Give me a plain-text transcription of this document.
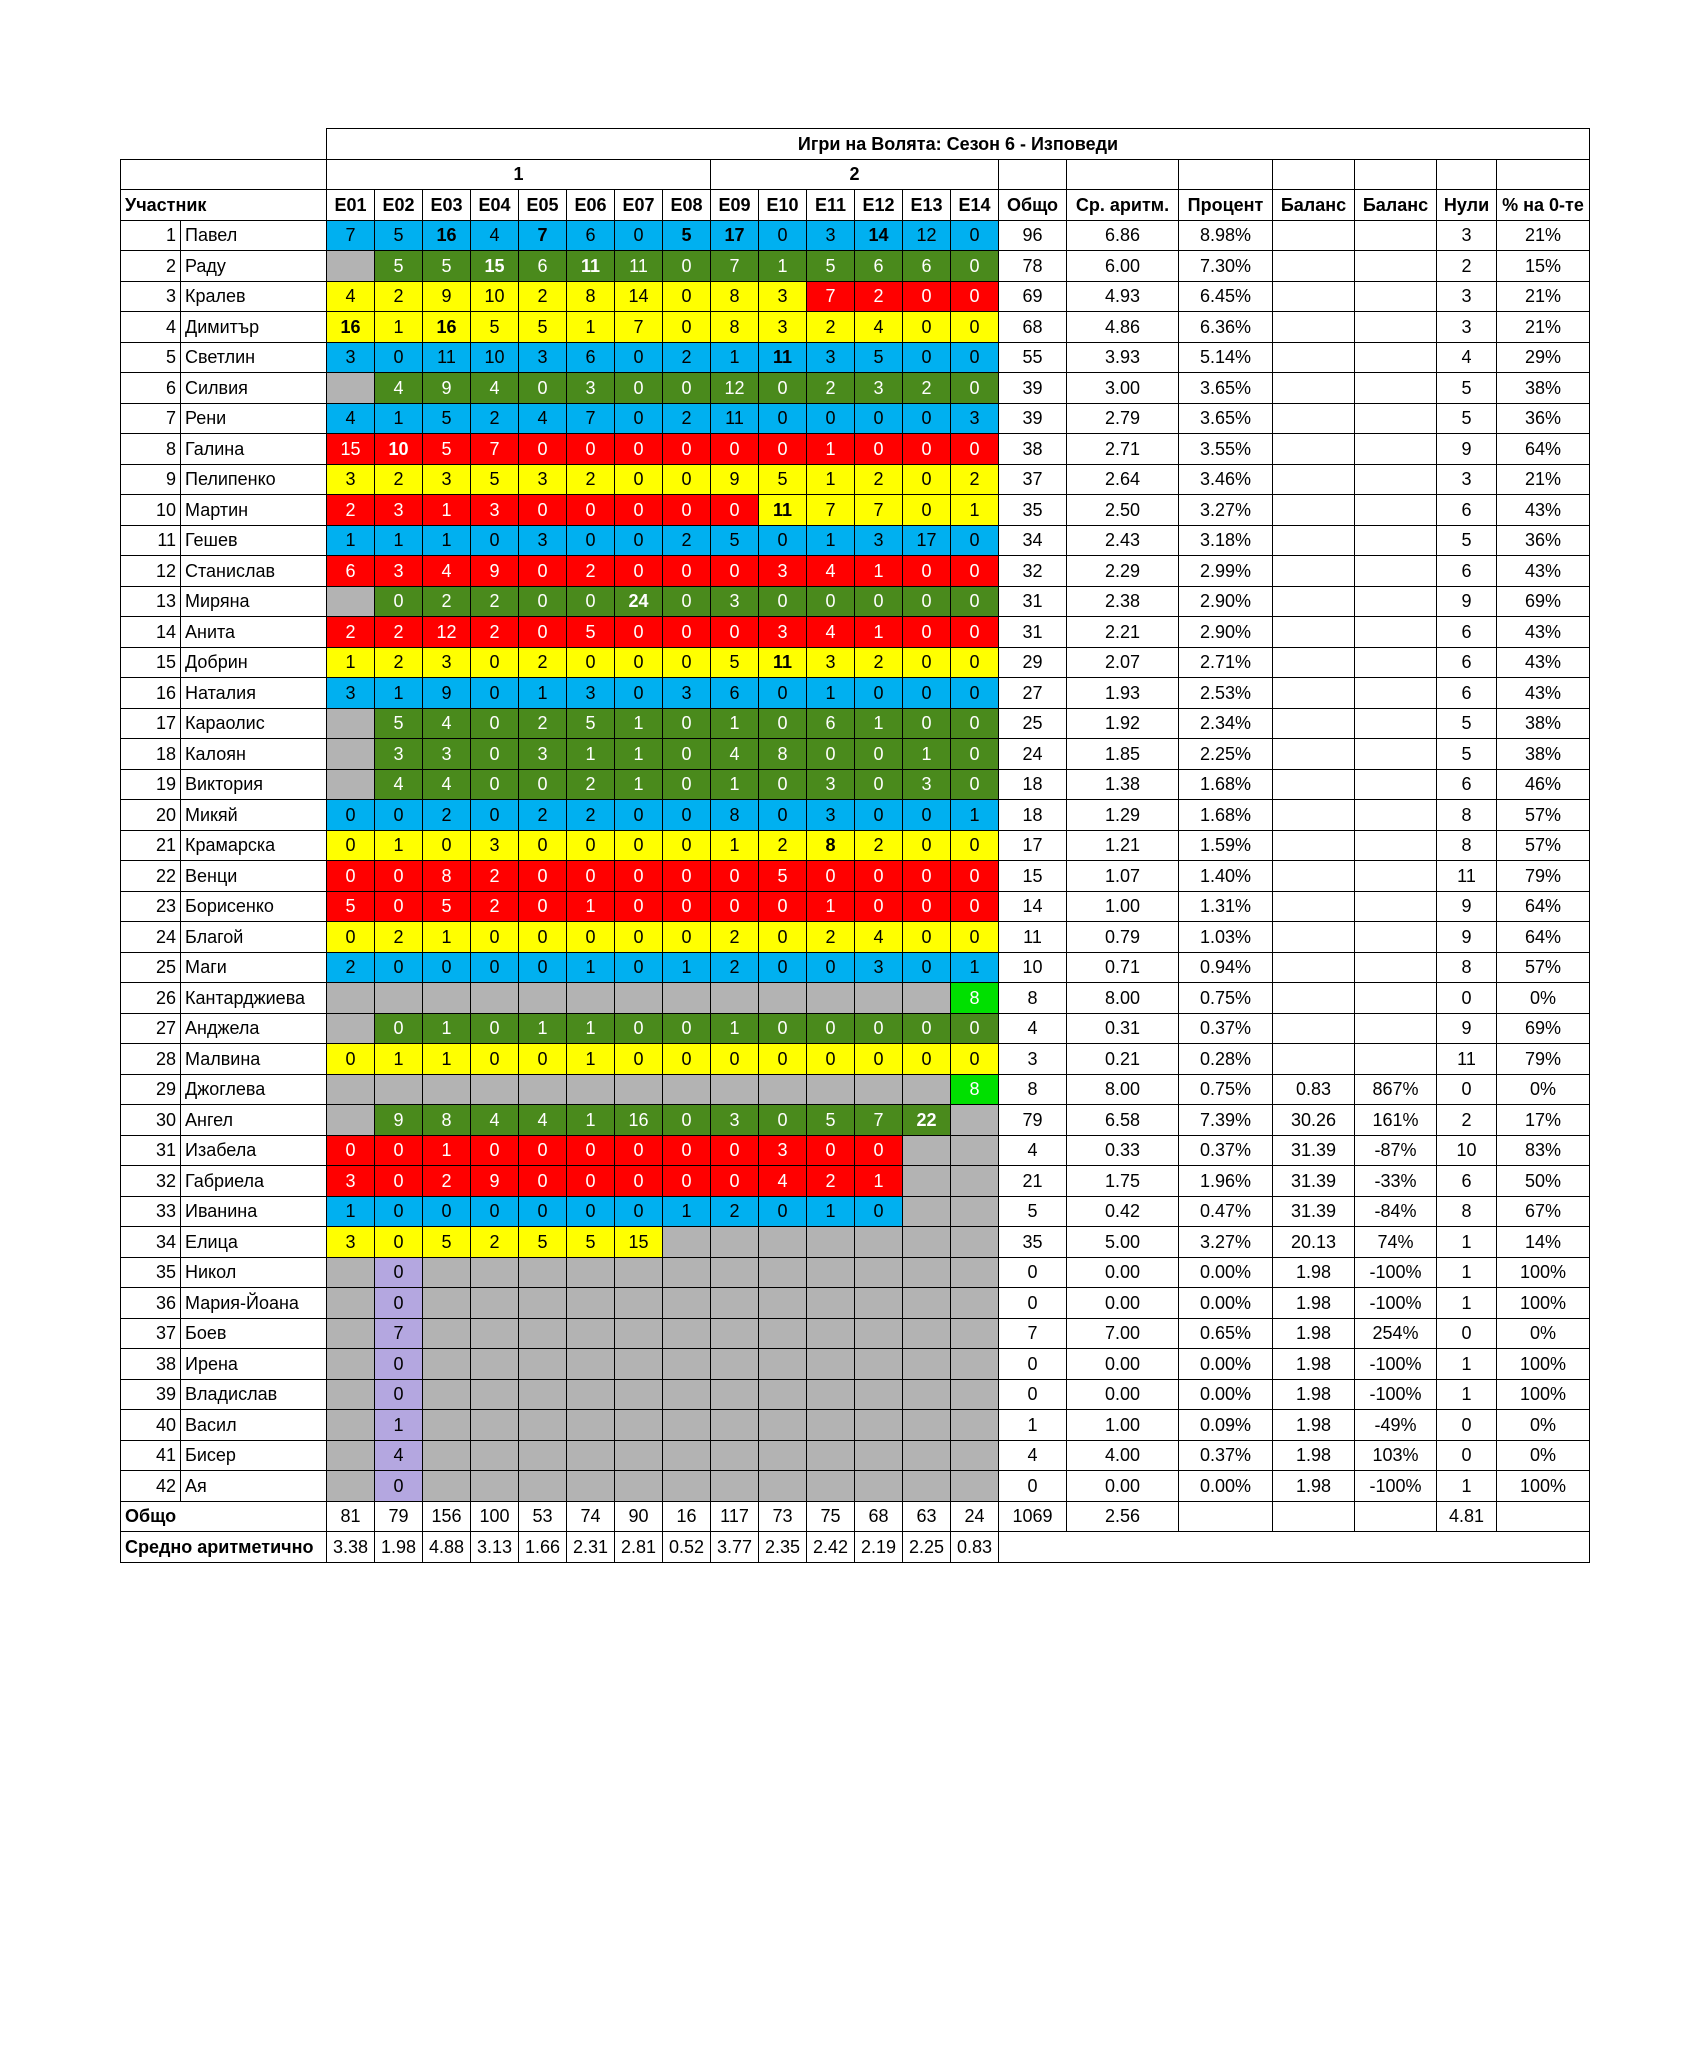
		Игри на Волята: Сезон 6 - Изповеди																				
		1								2												
Участник		E01	E02	E03	E04	E05	E06	E07	E08	E09	E10	E11	E12	E13	E14	Общо	Ср. аритм.	Процент	Баланс	Баланс	Нули	% на 0-те
1	Павел	7	5	16	4	7	6	0	5	17	0	3	14	12	0	96	6.86	8.98%			3	21%
2	Раду		5	5	15	6	11	11	0	7	1	5	6	6	0	78	6.00	7.30%			2	15%
3	Кралев	4	2	9	10	2	8	14	0	8	3	7	2	0	0	69	4.93	6.45%			3	21%
4	Димитър	16	1	16	5	5	1	7	0	8	3	2	4	0	0	68	4.86	6.36%			3	21%
5	Светлин	3	0	11	10	3	6	0	2	1	11	3	5	0	0	55	3.93	5.14%			4	29%
6	Силвия		4	9	4	0	3	0	0	12	0	2	3	2	0	39	3.00	3.65%			5	38%
7	Рени	4	1	5	2	4	7	0	2	11	0	0	0	0	3	39	2.79	3.65%			5	36%
8	Галина	15	10	5	7	0	0	0	0	0	0	1	0	0	0	38	2.71	3.55%			9	64%
9	Пелипенко	3	2	3	5	3	2	0	0	9	5	1	2	0	2	37	2.64	3.46%			3	21%
10	Мартин	2	3	1	3	0	0	0	0	0	11	7	7	0	1	35	2.50	3.27%			6	43%
11	Гешев	1	1	1	0	3	0	0	2	5	0	1	3	17	0	34	2.43	3.18%			5	36%
12	Станислав	6	3	4	9	0	2	0	0	0	3	4	1	0	0	32	2.29	2.99%			6	43%
13	Миряна		0	2	2	0	0	24	0	3	0	0	0	0	0	31	2.38	2.90%			9	69%
14	Анита	2	2	12	2	0	5	0	0	0	3	4	1	0	0	31	2.21	2.90%			6	43%
15	Добрин	1	2	3	0	2	0	0	0	5	11	3	2	0	0	29	2.07	2.71%			6	43%
16	Наталия	3	1	9	0	1	3	0	3	6	0	1	0	0	0	27	1.93	2.53%			6	43%
17	Караолис		5	4	0	2	5	1	0	1	0	6	1	0	0	25	1.92	2.34%			5	38%
18	Калоян		3	3	0	3	1	1	0	4	8	0	0	1	0	24	1.85	2.25%			5	38%
19	Виктория		4	4	0	0	2	1	0	1	0	3	0	3	0	18	1.38	1.68%			6	46%
20	Микяй	0	0	2	0	2	2	0	0	8	0	3	0	0	1	18	1.29	1.68%			8	57%
21	Крамарска	0	1	0	3	0	0	0	0	1	2	8	2	0	0	17	1.21	1.59%			8	57%
22	Венци	0	0	8	2	0	0	0	0	0	5	0	0	0	0	15	1.07	1.40%			11	79%
23	Борисенко	5	0	5	2	0	1	0	0	0	0	1	0	0	0	14	1.00	1.31%			9	64%
24	Благой	0	2	1	0	0	0	0	0	2	0	2	4	0	0	11	0.79	1.03%			9	64%
25	Маги	2	0	0	0	0	1	0	1	2	0	0	3	0	1	10	0.71	0.94%			8	57%
26	Кантарджиева														8	8	8.00	0.75%			0	0%
27	Анджела		0	1	0	1	1	0	0	1	0	0	0	0	0	4	0.31	0.37%			9	69%
28	Малвина	0	1	1	0	0	1	0	0	0	0	0	0	0	0	3	0.21	0.28%			11	79%
29	Джоглева														8	8	8.00	0.75%	0.83	867%	0	0%
30	Ангел		9	8	4	4	1	16	0	3	0	5	7	22		79	6.58	7.39%	30.26	161%	2	17%
31	Изабела	0	0	1	0	0	0	0	0	0	3	0	0			4	0.33	0.37%	31.39	-87%	10	83%
32	Габриела	3	0	2	9	0	0	0	0	0	4	2	1			21	1.75	1.96%	31.39	-33%	6	50%
33	Иванина	1	0	0	0	0	0	0	1	2	0	1	0			5	0.42	0.47%	31.39	-84%	8	67%
34	Елица	3	0	5	2	5	5	15								35	5.00	3.27%	20.13	74%	1	14%
35	Никол		0													0	0.00	0.00%	1.98	-100%	1	100%
36	Мария-Йоана		0													0	0.00	0.00%	1.98	-100%	1	100%
37	Боев		7													7	7.00	0.65%	1.98	254%	0	0%
38	Ирена		0													0	0.00	0.00%	1.98	-100%	1	100%
39	Владислав		0													0	0.00	0.00%	1.98	-100%	1	100%
40	Васил		1													1	1.00	0.09%	1.98	-49%	0	0%
41	Бисер		4													4	4.00	0.37%	1.98	103%	0	0%
42	Ая		0													0	0.00	0.00%	1.98	-100%	1	100%
Общо		81	79	156	100	53	74	90	16	117	73	75	68	63	24	1069	2.56				4.81	
Средно аритметично		3.38	1.98	4.88	3.13	1.66	2.31	2.81	0.52	3.77	2.35	2.42	2.19	2.25	0.83							
